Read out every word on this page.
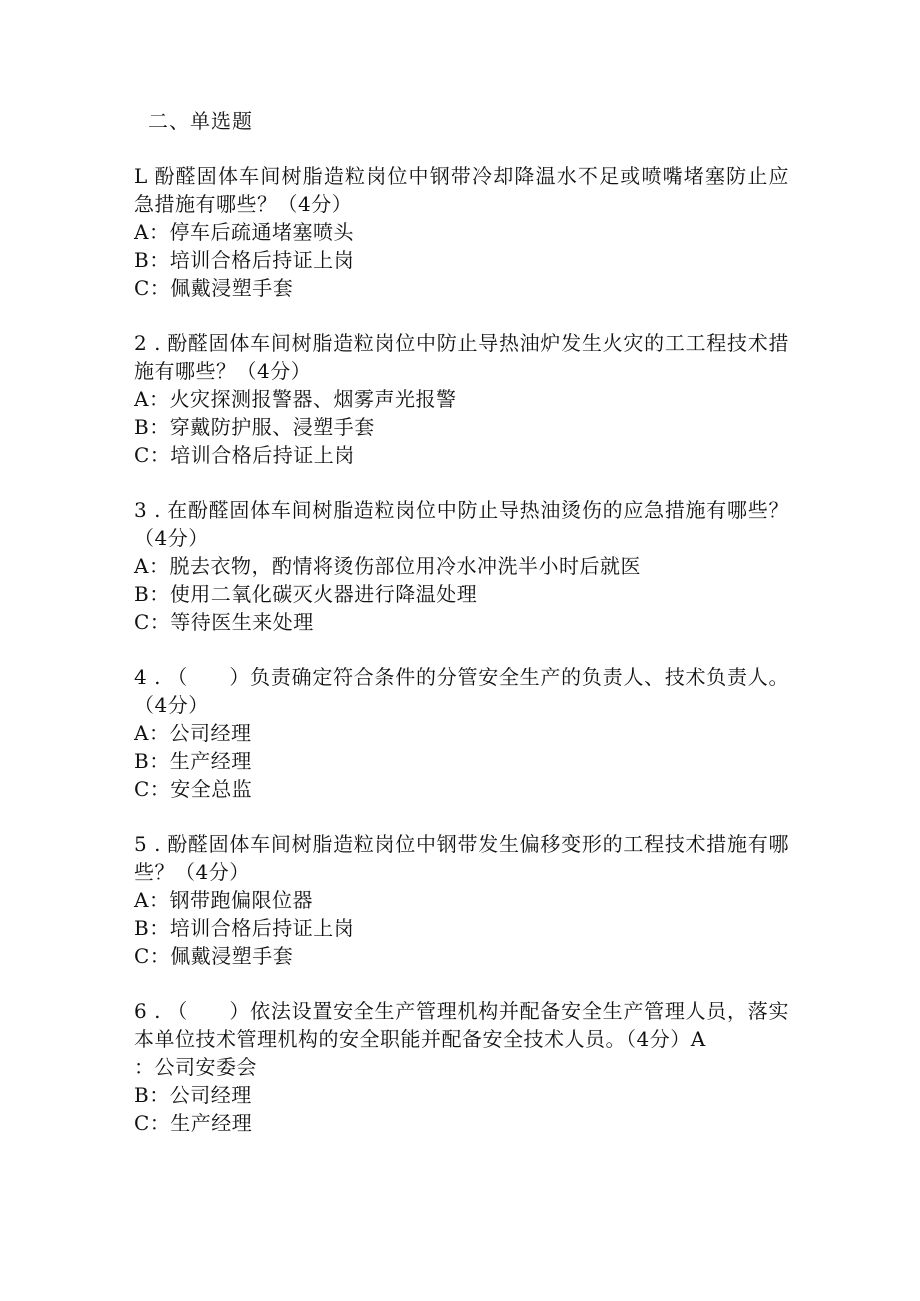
二、单选题

L 酚醛固体车间树脂造粒岗位中钢带冷却降温水不足或喷嘴堵塞防止应急措施有哪些？（4分）

A：停车后疏通堵塞喷头

B：培训合格后持证上岗

C：佩戴浸塑手套

2 . 酚醛固体车间树脂造粒岗位中防止导热油炉发生火灾的工工程技术措施有哪些？（4分）

A：火灾探测报警器、烟雾声光报警

B：穿戴防护服、浸塑手套

C：培训合格后持证上岗

3 . 在酚醛固体车间树脂造粒岗位中防止导热油烫伤的应急措施有哪些？（4分）

A：脱去衣物，酌情将烫伤部位用冷水冲洗半小时后就医

B：使用二氧化碳灭火器进行降温处理

C：等待医生来处理

4 . （　　）负责确定符合条件的分管安全生产的负责人、技术负责人。（4分）

A：公司经理

B：生产经理

C：安全总监

5 . 酚醛固体车间树脂造粒岗位中钢带发生偏移变形的工程技术措施有哪些？（4分）

A：钢带跑偏限位器

B：培训合格后持证上岗

C：佩戴浸塑手套

6 . （　　）依法设置安全生产管理机构并配备安全生产管理人员，落实本单位技术管理机构的安全职能并配备安全技术人员。（4分）A

：公司安委会

B：公司经理

C：生产经理
